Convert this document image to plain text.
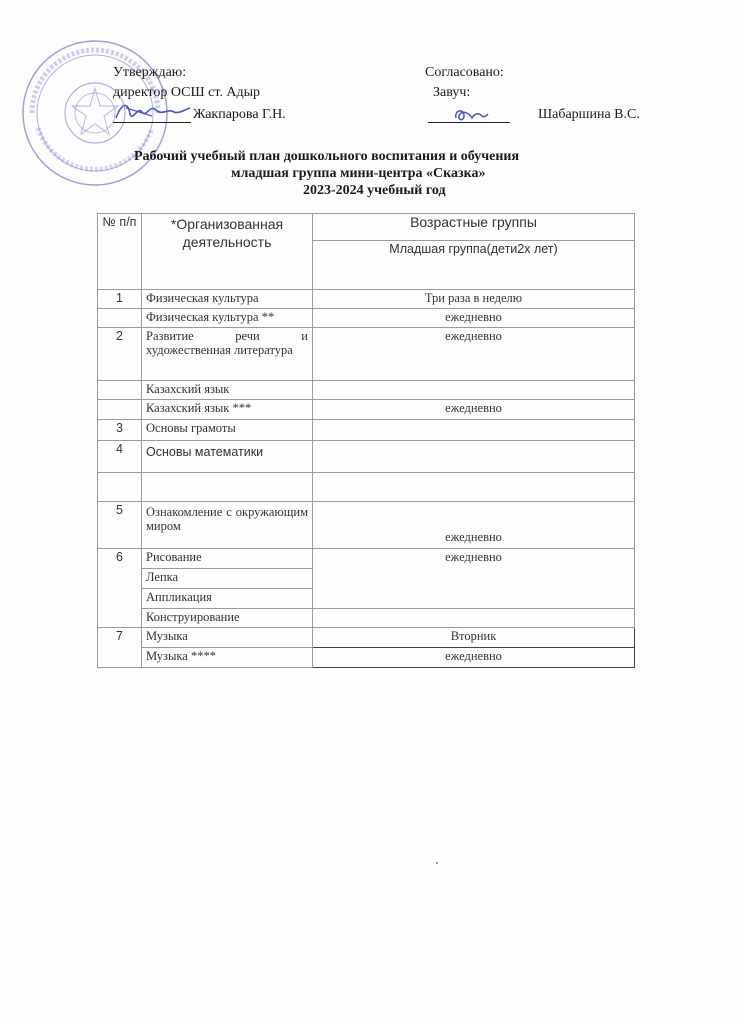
Утверждаю:
директор ОСШ ст. Адыр
Жакпарова Г.Н.
Согласовано:
Завуч:
Шабаршина В.С.
Рабочий учебный план дошкольного воспитания и обучения
младшая группа мини-центра «Сказка»
2023-2024 учебный год
№ п/п	*Организованная деятельность	Возрастные группы
		Младшая группа(дети2х лет)
1	Физическая культура	Три раза в неделю
	Физическая культура **	ежедневно
2	Развитие речи и художественная литература	ежедневно
	Казахский язык	
	Казахский язык ***	ежедневно
3	Основы грамоты	
4	Основы математики	

5	Ознакомление с окружающим миром	ежедневно
6	Рисование	ежедневно
	Лепка	
	Аппликация	
	Конструирование	
7	Музыка	Вторник
	Музыка ****	ежедневно
